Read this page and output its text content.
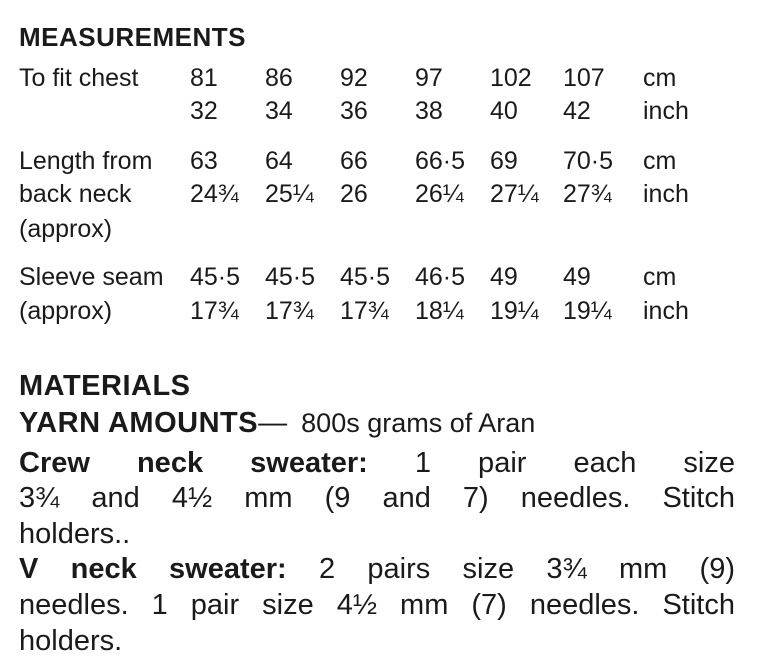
MEASUREMENTS
To fit chest 81 86 92 97 102 107 cm
32 34 36 38 40 42 inch
Length from 63 64 66 66·5 69 70·5 cm
back neck 24¾ 25¼ 26 26¼ 27¼ 27¾ inch
(approx)
Sleeve seam 45·5 45·5 45·5 46·5 49 49 cm
(approx)	17¾ 17¾ 17¾ 18¼ 19¼ 19¼ inch
MATERIALS
YARN AMOUNTS— 800s grams of Aran
Crew neck sweater: 1 pair each size
3¾ and 4½ mm (9 and 7) needles. Stitch
holders..
V neck sweater: 2 pairs size 3¾ mm (9)
needles. 1 pair size 4½ mm (7) needles. Stitch
holders.
